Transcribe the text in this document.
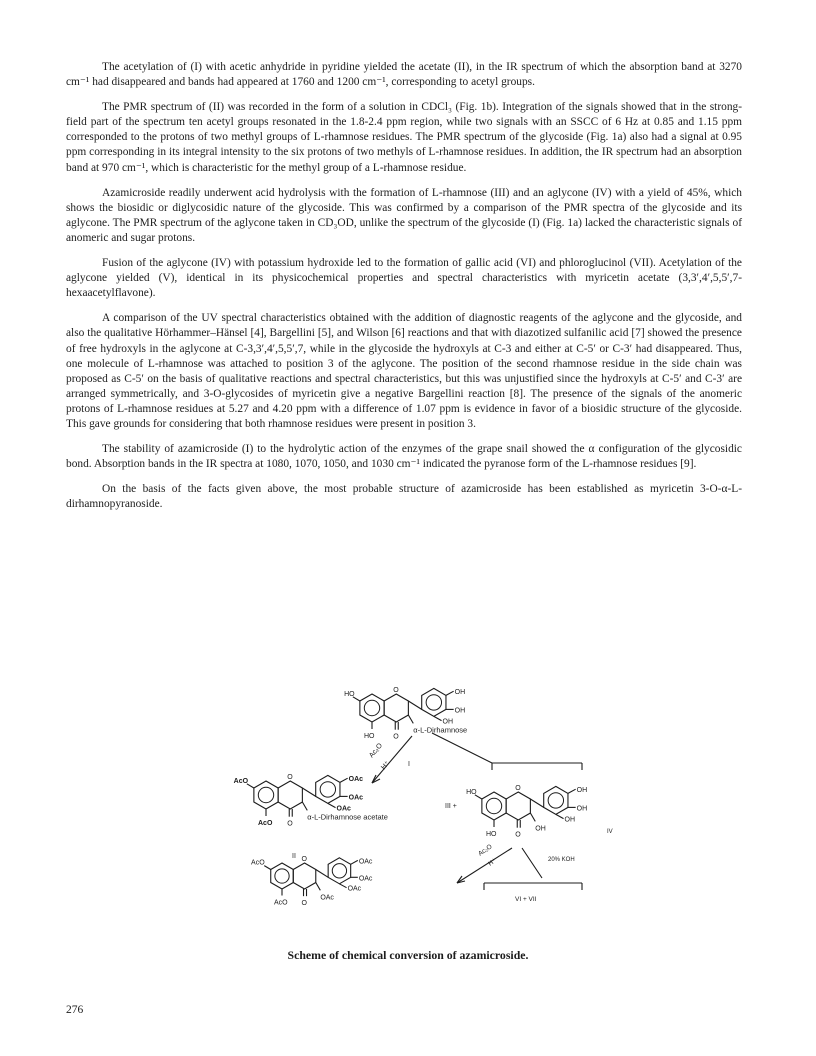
The acetylation of (I) with acetic anhydride in pyridine yielded the acetate (II), in the IR spectrum of which the absorption band at 3270 cm⁻¹ had disappeared and bands had appeared at 1760 and 1200 cm⁻¹, corresponding to acetyl groups.

The PMR spectrum of (II) was recorded in the form of a solution in CDCl₃ (Fig. 1b). Integration of the signals showed that in the strong-field part of the spectrum ten acetyl groups resonated in the 1.8-2.4 ppm region, while two signals with an SSCC of 6 Hz at 0.85 and 1.15 ppm corresponded to the protons of two methyl groups of L-rhamnose residues. The PMR spectrum of the glycoside (Fig. 1a) also had a signal at 0.95 ppm corresponding in its integral intensity to the six protons of two methyls of L-rhamnose residues. In addition, the IR spectrum had an absorption band at 970 cm⁻¹, which is characteristic for the methyl group of a L-rhamnose residue.

Azamicroside readily underwent acid hydrolysis with the formation of L-rhamnose (III) and an aglycone (IV) with a yield of 45%, which shows the biosidic or diglycosidic nature of the glycoside. This was confirmed by a comparison of the PMR spectra of the glycoside and its aglycone. The PMR spectrum of the aglycone taken in CD₃OD, unlike the spectrum of the glycoside (I) (Fig. 1a) lacked the characteristic signals of anomeric and sugar protons.

Fusion of the aglycone (IV) with potassium hydroxide led to the formation of gallic acid (VI) and phloroglucinol (VII). Acetylation of the aglycone yielded (V), identical in its physicochemical properties and spectral characteristics with myricetin acetate (3,3′,4′,5,5′,7-hexaacetylflavone).

A comparison of the UV spectral characteristics obtained with the addition of diagnostic reagents of the aglycone and the glycoside, and also the qualitative Hörhammer–Hänsel [4], Bargellini [5], and Wilson [6] reactions and that with diazotized sulfanilic acid [7] showed the presence of free hydroxyls in the aglycone at C-3,3′,4′,5,5′,7, while in the glycoside the hydroxyls at C-3 and either at C-5′ or C-3′ had disappeared. Thus, one molecule of L-rhamnose was attached to position 3 of the aglycone. The position of the second rhamnose residue in the side chain was proposed as C-5′ on the basis of qualitative reactions and spectral characteristics, but this was unjustified since the hydroxyls at C-5′ and C-3′ are arranged symmetrically, and 3-O-glycosides of myricetin give a negative Bargellini reaction [8]. The presence of the signals of the anomeric protons of L-rhamnose residues at 5.27 and 4.20 ppm with a difference of 1.07 ppm is evidence in favor of a biosidic structure of the glycoside. This gave grounds for considering that both rhamnose residues were present in position 3.

The stability of azamicroside (I) to the hydrolytic action of the enzymes of the grape snail showed the α configuration of the glycosidic bond. Absorption bands in the IR spectra at 1080, 1070, 1050, and 1030 cm⁻¹ indicated the pyranose form of the L-rhamnose residues [9].

On the basis of the facts given above, the most probable structure of azamicroside has been established as myricetin 3-O-α-L-dirhamnopyranoside.

O
O
HO
HO
α-L-Dirhamnose
OH
OH
OH
I
O
O
AcO
AcO
α-L-Dirhamnose acetate
OAc
OAc
OAc
II
Ac₂O
H⁺
III +
O
O
HO
HO
OH
OH
OH
OH
IV
Ac₂O
H⁺	20% KOH
VI + VII
O
O
AcO
AcO
OAc
OAc
OAc
OAc
Scheme of chemical conversion of azamicroside.
276
